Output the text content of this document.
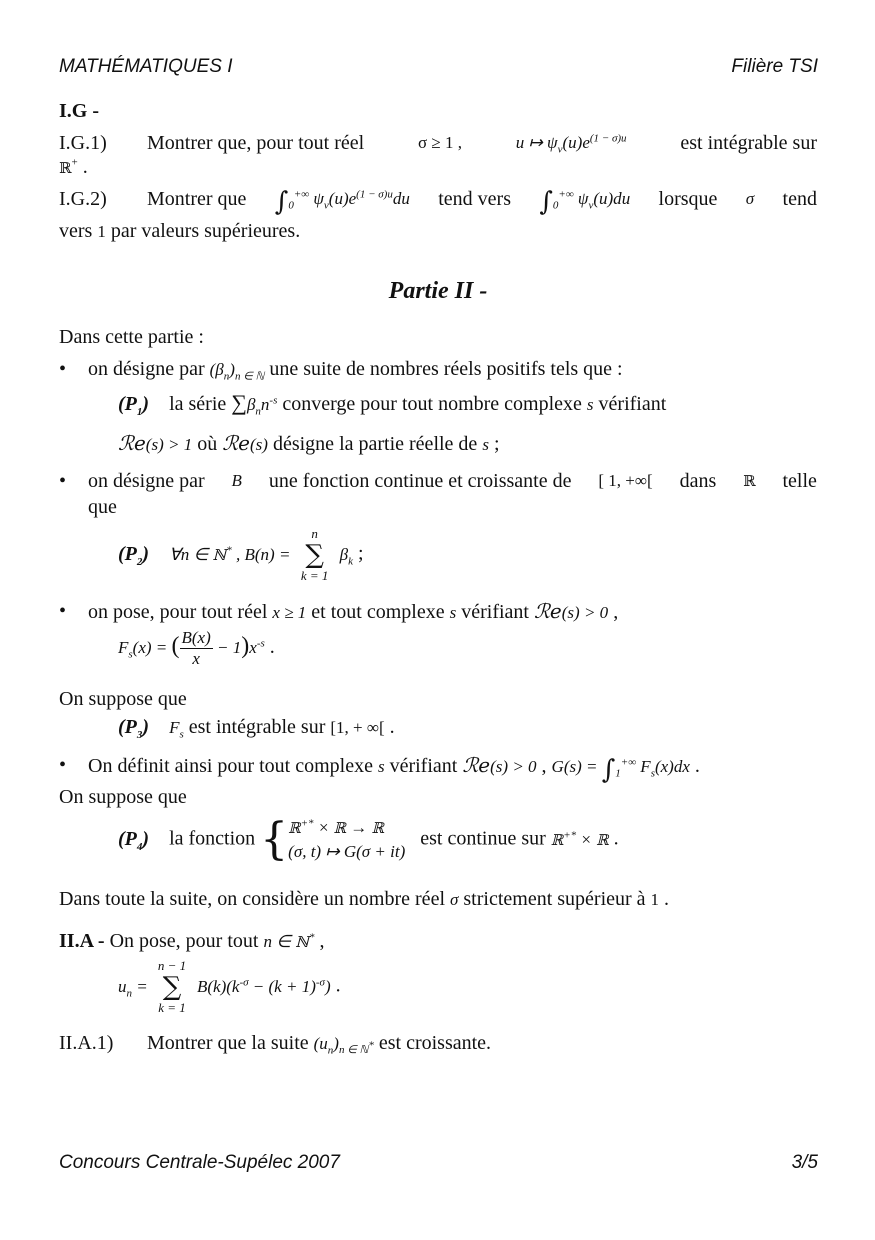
MATHÉMATIQUES I	Filière TSI
I.G -
I.G.1) Montrer que, pour tout réel	σ ≥ 1 ,	u ↦ $\psi_v(u)e^{(1 - \sigma)u}$	est intégrable sur
ℝ+ .
I.G.2) Montrer que $\int_0^{+\infty}$ $\psi_v(u)e^{(1 - \sigma)u}du$ tend vers $\int_0^{+\infty}$ $\psi_v(u)du$ lorsque σ tend
vers 1 par valeurs supérieures.
Partie II -
Dans cette partie :
• on désigne par $(\beta_n)_{n \in ℕ}$ une suite de nombres réels positifs tels que :
$(P_1)$ la série $\sum\beta_nn^{-s}$ converge pour tout nombre complexe s vérifiant
ℛe(s) > 1 où ℛe(s) désigne la partie réelle de s ;
• on désigne par B une fonction continue et croissante de [ 1, +∞[ dans ℝ telle
que
$(P_2)$ ∀n ∈ ℕ* , B(n) =
n
∑
k = 1
$\beta_k$ ;
• on pose, pour tout réel x ≥ 1 et tout complexe s vérifiant ℛe(s) > 0 ,
$F_s(x)$ = ( $\frac{B(x)}{x} - 1)x^{-s}$ .
On suppose que
$(P_3)$ $F_s$ est intégrable sur [1, + ∞[ .
• On définit ainsi pour tout complexe s vérifiant ℛe(s) > 0 , $G(s) = \int_1^{+\infty}$ $F_s(x)dx$ .
On suppose que
$(P_4)$ la fonction { ℝ+* × ℝ → ℝ
(σ, t) ↦ G(σ + it)
est continue sur ℝ+* × ℝ .
Dans toute la suite, on considère un nombre réel σ strictement supérieur à 1 .
II.A - On pose, pour tout n ∈ ℕ* ,
$u_n$ =
n − 1
∑
k = 1
$B(k)(k^{-\sigma} - (k + 1)^{-\sigma})$ .
II.A.1) Montrer que la suite $(u_n)_{n \in ℕ^*}$ est croissante.
Concours Centrale-Supélec 2007	3/5
